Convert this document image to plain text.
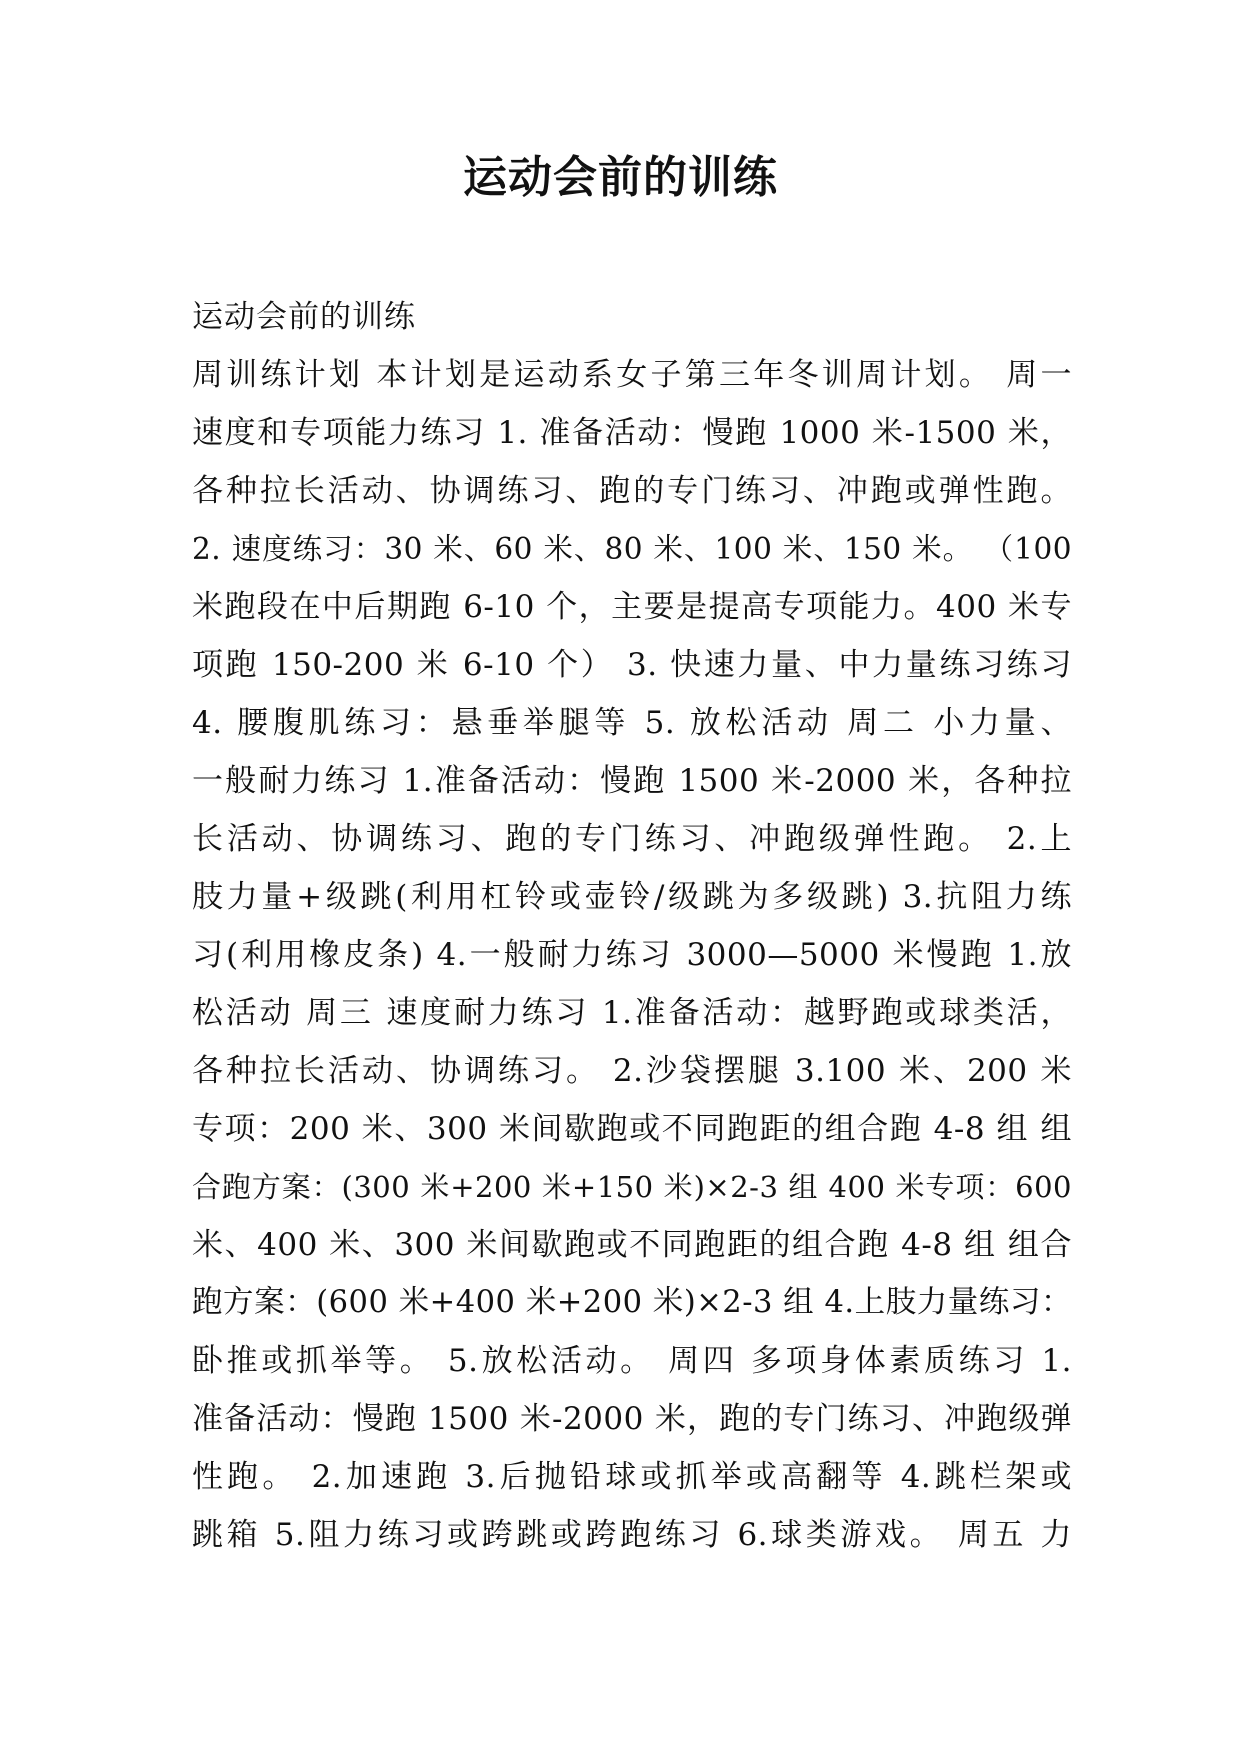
运动会前的训练
运动会前的训练
周训练计划 本计划是运动系女子第三年冬训周计划。 周一
速度和专项能力练习 1. 准备活动：慢跑 1000 米-1500 米，
各种拉长活动、协调练习、跑的专门练习、冲跑或弹性跑。
2. 速度练习：30 米、60 米、80 米、100 米、150 米。 （100
米跑段在中后期跑 6-10 个，主要是提高专项能力。400 米专
项跑 150-200 米 6-10 个） 3. 快速力量、中力量练习练习
4. 腰腹肌练习：悬垂举腿等 5. 放松活动 周二 小力量、
一般耐力练习 1.准备活动：慢跑 1500 米-2000 米，各种拉
长活动、协调练习、跑的专门练习、冲跑级弹性跑。 2.上
肢力量+级跳(利用杠铃或壶铃/级跳为多级跳) 3.抗阻力练
习(利用橡皮条) 4.一般耐力练习 3000—5000 米慢跑 1.放
松活动 周三 速度耐力练习 1.准备活动：越野跑或球类活，
各种拉长活动、协调练习。 2.沙袋摆腿 3.100 米、200 米
专项：200 米、300 米间歇跑或不同跑距的组合跑 4-8 组 组
合跑方案：(300 米+200 米+150 米)×2-3 组 400 米专项：600
米、400 米、300 米间歇跑或不同跑距的组合跑 4-8 组 组合
跑方案：(600 米+400 米+200 米)×2-3 组 4.上肢力量练习：
卧推或抓举等。 5.放松活动。 周四 多项身体素质练习 1.
准备活动：慢跑 1500 米-2000 米，跑的专门练习、冲跑级弹
性跑。 2.加速跑 3.后抛铅球或抓举或高翻等 4.跳栏架或
跳箱 5.阻力练习或跨跳或跨跑练习 6.球类游戏。 周五 力
